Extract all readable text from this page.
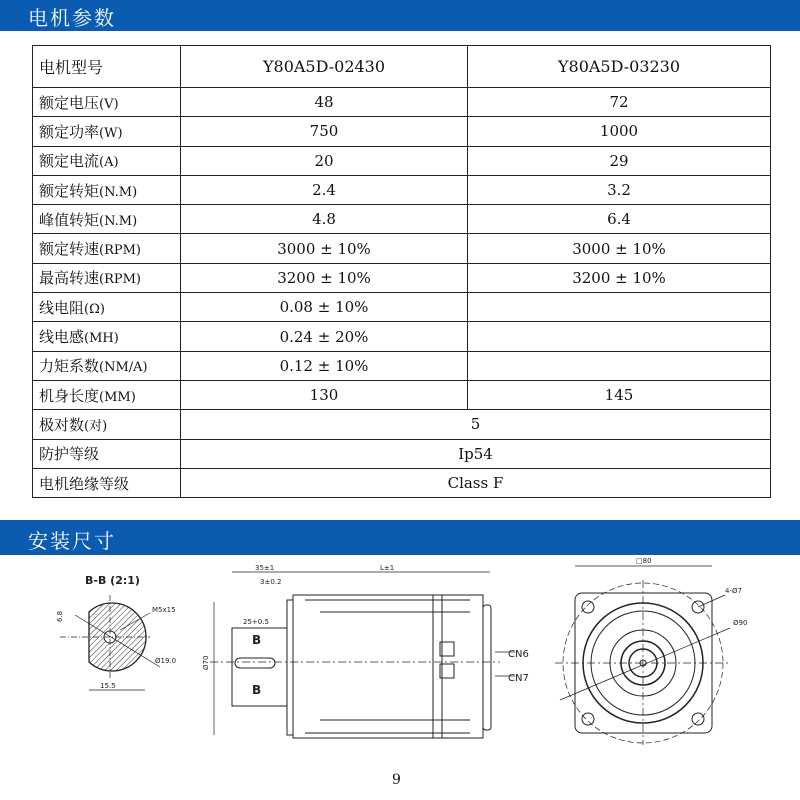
电机参数
电机型号	Y80A5D-02430	Y80A5D-03230
额定电压(V)	48	72
额定功率(W)	750	1000
额定电流(A)	20	29
额定转矩(N.M)	2.4	3.2
峰值转矩(N.M)	4.8	6.4
额定转速(RPM)	3000 ± 10%	3000 ± 10%
最高转速(RPM)	3200 ± 10%	3200 ± 10%
线电阻(Ω)	0.08 ± 10%	
线电感(MH)	0.24 ± 20%	
力矩系数(NM/A)	0.12 ± 10%	
机身长度(MM)	130	145
极对数(对)	5	
防护等级	Ip54	
电机绝缘等级	Class F	
安装尺寸
B-B (2:1)
15.5
M5x15
Ø19.0
6.8
35±1	L±1
3±0.2
25+0.5
Ø70
B
B
CN6
CN7
□80
4-Ø7
Ø90
9
